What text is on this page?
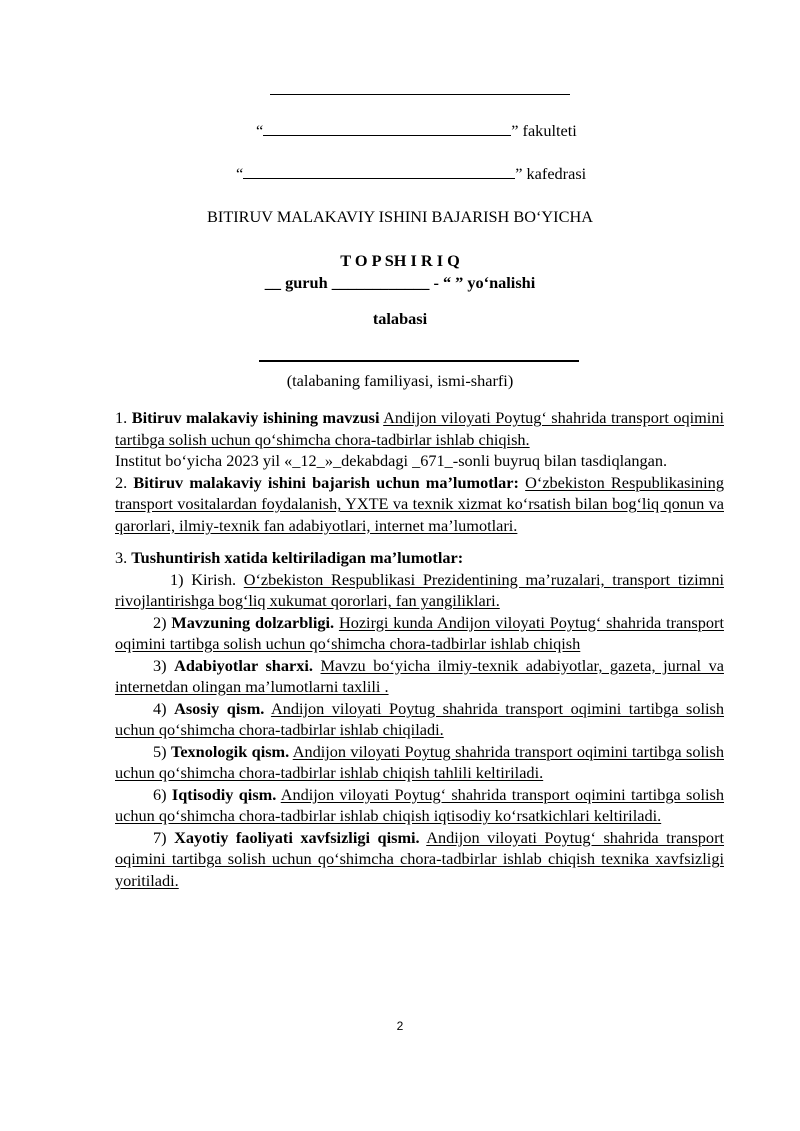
“	” fakulteti
“	” kafedrasi
BITIRUV MALAKAVIY ISHINI BAJARISH BO‘YICHA
T O P SH I R I Q
__ guruh ____________ - “ ” yo‘nalishi
talabasi
(talabaning familiyasi, ismi-sharfi)

1. Bitiruv malakaviy ishining mavzusi Andijon viloyati Poytug‘ shahrida transport oqimini tartibga solish uchun qo‘shimcha chora-tadbirlar ishlab chiqish.

Institut bo‘yicha 2023 yil «_12_»_dekabdagi _671_-sonli buyruq bilan tasdiqlangan.

2. Bitiruv malakaviy ishini bajarish uchun ma’lumotlar: O‘zbekiston Respublikasining transport vositalardan foydalanish, YXTE va texnik xizmat ko‘rsatish bilan bog‘liq qonun va qarorlari, ilmiy-texnik fan adabiyotlari, internet ma’lumotlari.

3. Tushuntirish xatida keltiriladigan ma’lumotlar:

1) Kirish. O‘zbekiston Respublikasi Prezidentining ma’ruzalari, transport tizimni rivojlantirishga bog‘liq xukumat qororlari, fan yangiliklari.

2) Mavzuning dolzarbligi. Hozirgi kunda Andijon viloyati Poytug‘ shahrida transport oqimini tartibga solish uchun qo‘shimcha chora-tadbirlar ishlab chiqish

3) Adabiyotlar sharxi. Mavzu bo‘yicha ilmiy-texnik adabiyotlar, gazeta, jurnal va internetdan olingan ma’lumotlarni taxlili .

4) Asosiy qism. Andijon viloyati Poytug shahrida transport oqimini tartibga solish uchun qo‘shimcha chora-tadbirlar ishlab chiqiladi.

5) Texnologik qism. Andijon viloyati Poytug shahrida transport oqimini tartibga solish uchun qo‘shimcha chora-tadbirlar ishlab chiqish tahlili keltiriladi.

6) Iqtisodiy qism. Andijon viloyati Poytug‘ shahrida transport oqimini tartibga solish uchun qo‘shimcha chora-tadbirlar ishlab chiqish iqtisodiy ko‘rsatkichlari keltiriladi.

7) Xayotiy faoliyati xavfsizligi qismi. Andijon viloyati Poytug‘ shahrida transport oqimini tartibga solish uchun qo‘shimcha chora-tadbirlar ishlab chiqish texnika xavfsizligi yoritiladi.

2
